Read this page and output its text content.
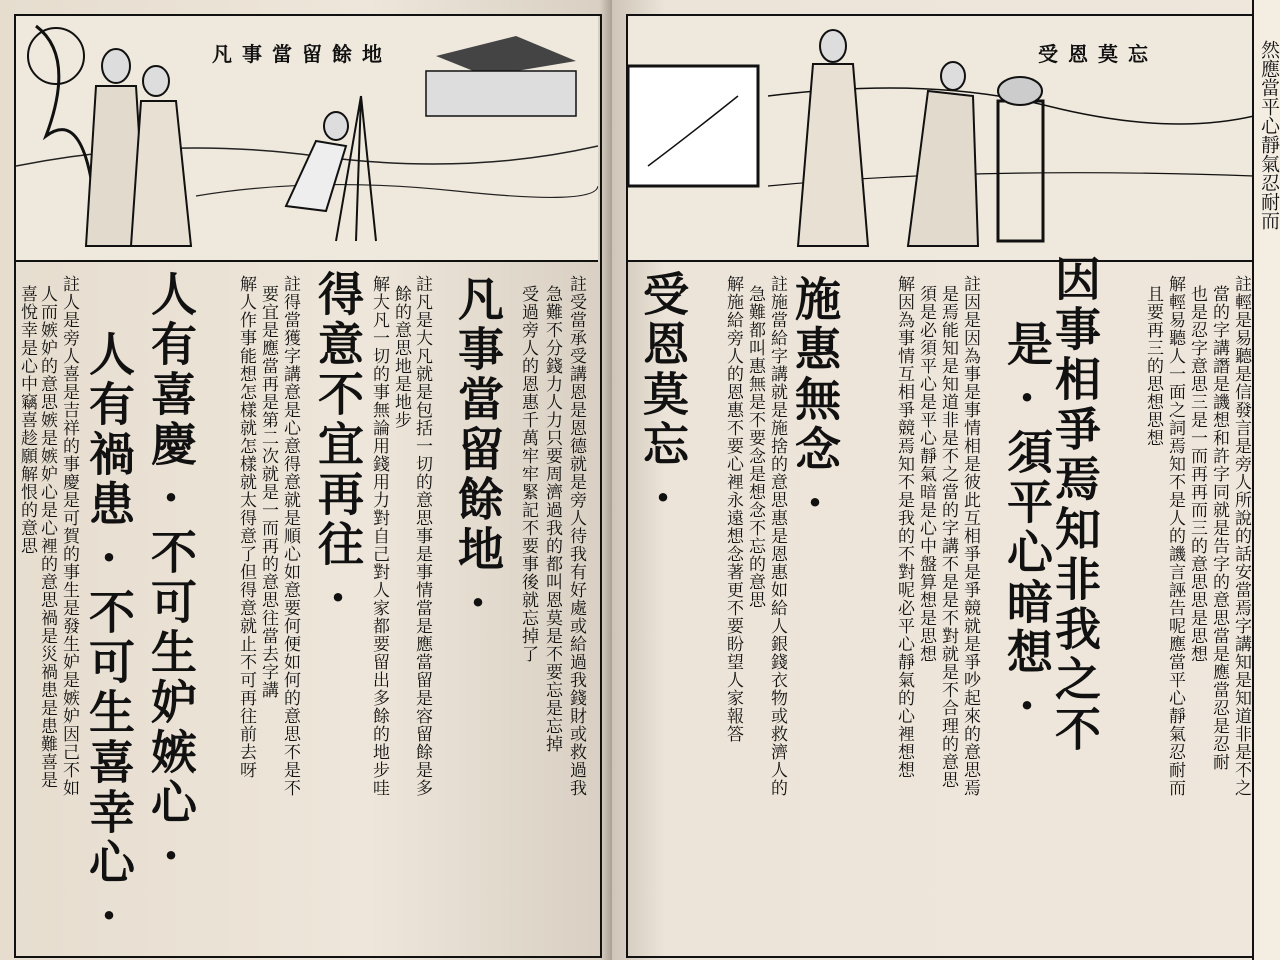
凡事當留餘地
凡事當留餘地·
得意不宜再往·
人有喜慶·不可生妒嫉心·
人有禍患·不可生喜幸心·	註受當承受講恩是恩德就是旁人待我有好處或給過我錢財或救過我
急難不分錢力人力只要周濟過我的都叫恩莫是不要忘是忘掉
受過旁人的恩惠千萬牢牢緊記不要事後就忘掉了
註凡是大凡就是包括一切的意思事是事情當是應當留是容留餘是多
餘的意思地是地步
解大凡一切的事無論用錢用力對自己對人家都要留出多餘的地步哇
註得當獲字講意是心意得意就是順心如意要何便如何的意思不是不
要宜是應當再是第二次就是一而再的意思往當去字講
解人作事能想怎樣就怎樣就太得意了但得意就止不可再往前去呀
註人是旁人喜是吉祥的事慶是可賀的事生是發生妒是嫉妒因己不如
人而嫉妒的意思嫉是嫉妒心是心裡的意思禍是災禍患是患難喜是
喜悅幸是心中竊喜趁願解恨的意思
受恩莫忘
因事相爭焉知非我之不
是·須平心暗想·
施惠無念·
受恩莫忘·	註輕是易聽是信發言是旁人所說的話安當焉字講知是知道非是不之
當的字講譖是譏想和許字同就是告字的意思當是應當忍是忍耐
也是忍字意思三是一而再再而三的意思思是思想
解輕易聽人一面之詞焉知不是人的譏言誣告呢應當平心靜氣忍耐而
且要再三的思想思想
註因是因為事是事情相是彼此互相爭是爭競就是爭吵起來的意思焉
是焉能知是知道非是不之當的字講不是是不對就是不合理的意思
須是必須平心是平心靜氣暗是心中盤算想是思想
解因為事情互相爭競焉知不是我的不對呢必平心靜氣的心裡想想
註施當給字講就是施捨的意思惠是恩惠如給人銀錢衣物或救濟人的
急難都叫惠無是不要念是想念不忘的意思
解施給旁人的恩惠不要心裡永遠想念著更不要盼望人家報答
然應當平心靜氣忍耐而
